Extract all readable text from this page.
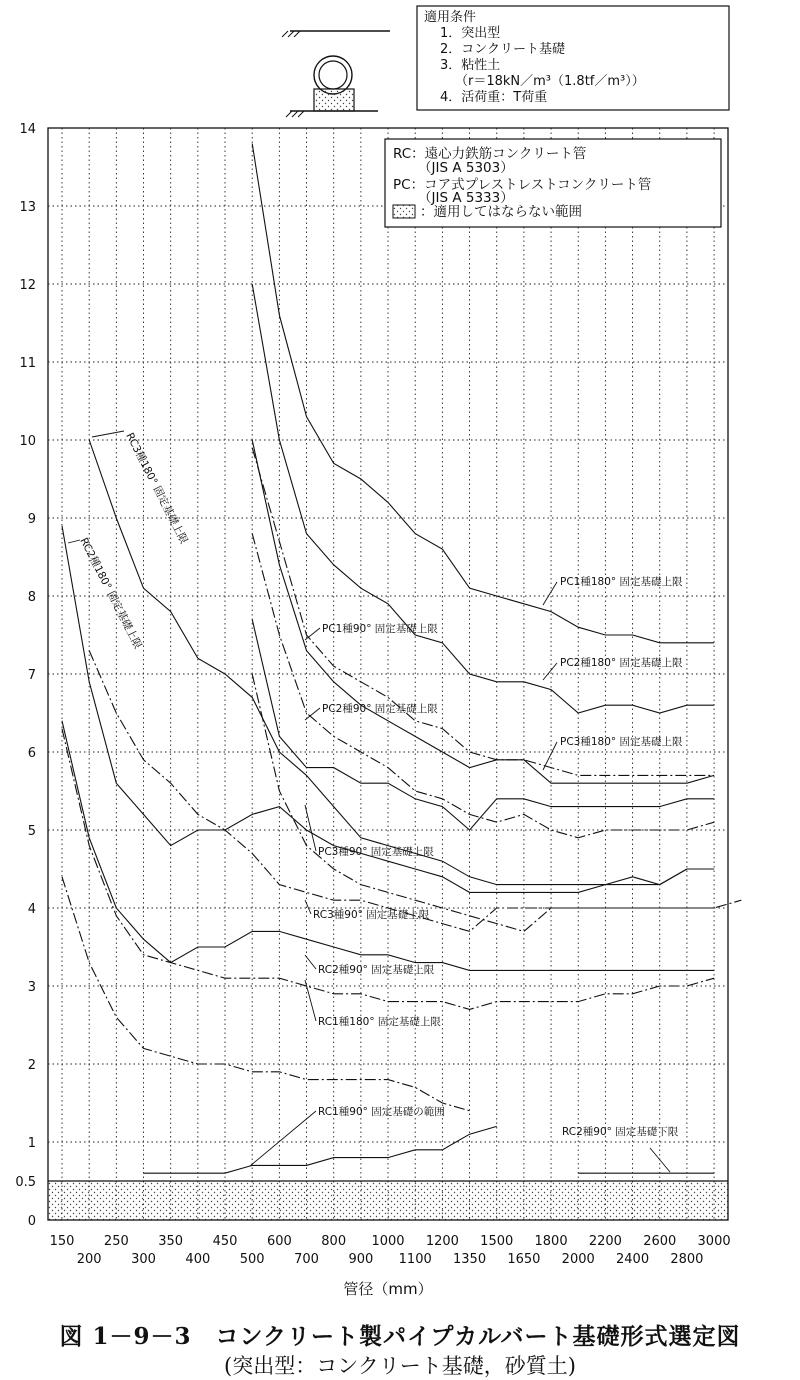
適用条件
1．突出型
2．コンクリート基礎
3．粘性土
（r＝18kN／m³（1.8tf／m³））
4．活荷重：T荷重
0
0.5
1
2
3
4
5
6
7
8
9
10
11
12
13
14
150
200
250
300
350
400
450
500
600
700
800
900
1000
1100
1200
1350
1500
1650
1800
2000
2200
2400
2600
2800
3000
RC3種180° 固定基礎上限
RC2種180° 固定基礎上限	PC1種180° 固定基礎上限
PC2種180° 固定基礎上限
PC1種90° 固定基礎上限
PC3種180° 固定基礎上限
PC2種90° 固定基礎上限
PC3種90° 固定基礎上限
RC3種90° 固定基礎上限
RC2種90° 固定基礎上限
RC1種180° 固定基礎上限
RC1種90° 固定基礎の範囲
RC2種90° 固定基礎下限
RC：遠心力鉄筋コンクリート管
（JIS A 5303）
PC：コア式プレストレストコンクリート管
（JIS A 5333）
：適用してはならない範囲
管径（mm）
図 1－9－3　コンクリート製パイプカルバート基礎形式選定図
(突出型：コンクリート基礎，砂質土)
